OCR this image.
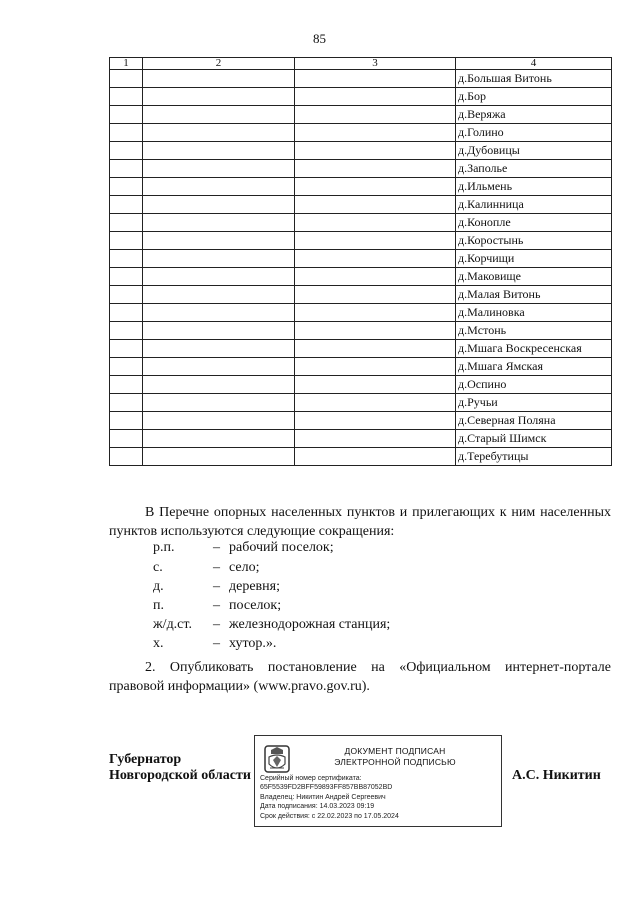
85
1	2	3	4
			д.Большая Витонь
			д.Бор
			д.Веряжа
			д.Голино
			д.Дубовицы
			д.Заполье
			д.Ильмень
			д.Калинница
			д.Конопле
			д.Коростынь
			д.Корчищи
			д.Маковище
			д.Малая Витонь
			д.Малиновка
			д.Мстонь
			д.Мшага Воскресенская
			д.Мшага Ямская
			д.Оспино
			д.Ручьи
			д.Северная Поляна
			д.Старый Шимск
			д.Теребутицы
В Перечне опорных населенных пунктов и прилегающих к ним населенных пунктов используются следующие сокращения:
р.п.	– рабочий поселок;
с.	– село;
д.	– деревня;
п.	– поселок;
ж/д.ст. – железнодорожная станция;
х.	– хутор.».
2. Опубликовать постановление на «Официальном интернет-портале правовой информации» (www.pravo.gov.ru).
Губернатор
Новгородской области
ДОКУМЕНТ ПОДПИСАН
ЭЛЕКТРОННОЙ ПОДПИСЬЮ
Серийный номер сертификата:
65F5539FD2BFF59893FF857BB87052BD
Владелец: Никитин Андрей Сергеевич
Дата подписания: 14.03.2023 09:19
Срок действия: с 22.02.2023 по 17.05.2024
А.С. Никитин
